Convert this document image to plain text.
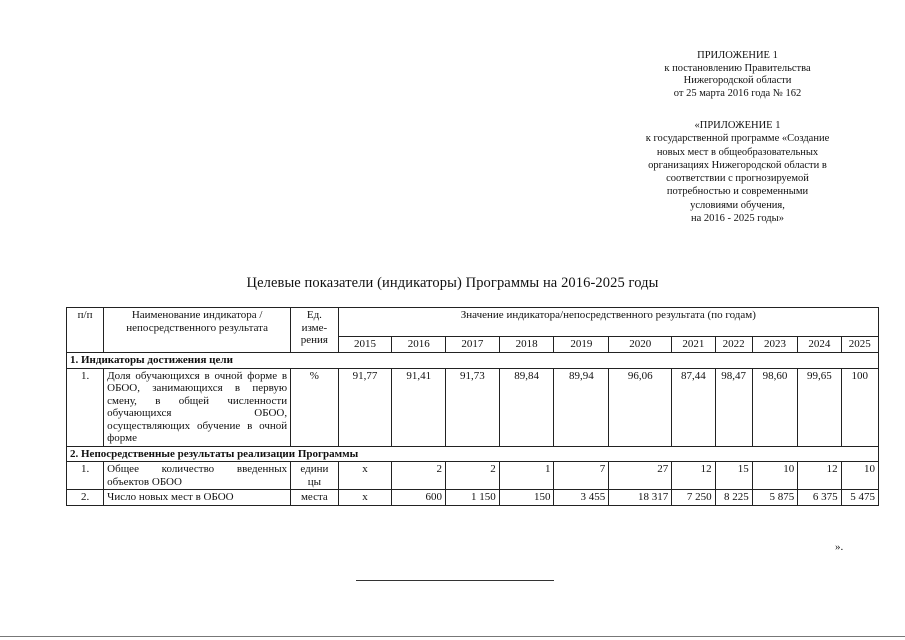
ПРИЛОЖЕНИЕ 1
к постановлению Правительства
Нижегородской области
от 25 марта 2016 года № 162
«ПРИЛОЖЕНИЕ 1
к государственной программе «Создание
новых мест в общеобразовательных
организациях Нижегородской области в
соответствии с прогнозируемой
потребностью и современными
условиями обучения,
на 2016 - 2025 годы»
Целевые показатели (индикаторы) Программы на 2016-2025 годы
п/п	Наименование индикатора / непосредственного результата	Ед. изме-рения	Значение индикатора/непосредственного результата (по годам)										
			2015	2016	2017	2018	2019	2020	2021	2022	2023	2024	2025
1. Индикаторы достижения цели													
1.	Доля обучающихся в очной форме в ОБОО, занимающихся в первую смену, в общей численности обучающихся ОБОО, осуществляющих обучение в очной форме	%	91,77	91,41	91,73	89,84	89,94	96,06	87,44	98,47	98,60	99,65	100
2. Непосредственные результаты реализации Программы													
1.	Общее количество введенных объектов ОБОО	едини цы	х	2	2	1	7	27	12	15	10	12	10
2.	Число новых мест в ОБОО	места	х	600	1 150	150	3 455	18 317	7 250	8 225	5 875	6 375	5 475
».
